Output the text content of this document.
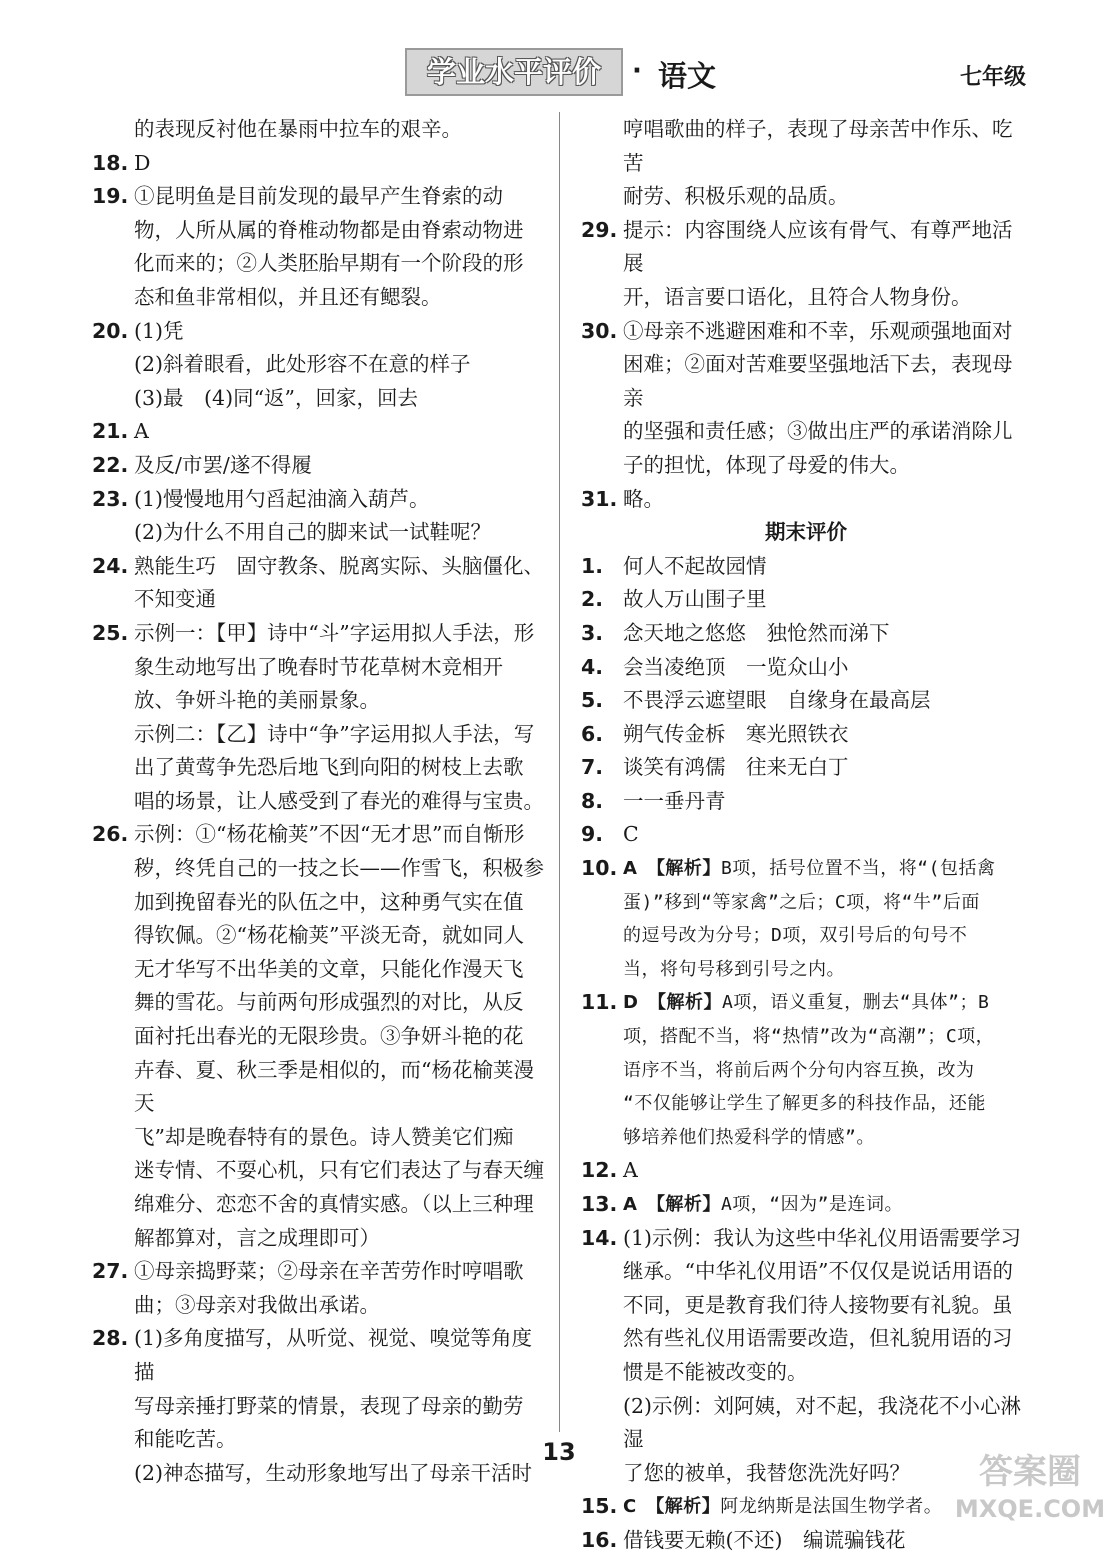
学业水平评价	· 语文	七年级
的表现反衬他在暴雨中拉车的艰辛。
18. D
19. ①昆明鱼是目前发现的最早产生脊索的动
物，人所从属的脊椎动物都是由脊索动物进
化而来的；②人类胚胎早期有一个阶段的形
态和鱼非常相似，并且还有鳃裂。
20. (1)凭
(2)斜着眼看，此处形容不在意的样子
(3)最　(4)同“返”，回家，回去
21. A
22. 及反/市罢/遂不得履
23. (1)慢慢地用勺舀起油滴入葫芦。
(2)为什么不用自己的脚来试一试鞋呢？
24. 熟能生巧　固守教条、脱离实际、头脑僵化、
不知变通
25. 示例一：【甲】诗中“斗”字运用拟人手法，形
象生动地写出了晚春时节花草树木竞相开
放、争妍斗艳的美丽景象。
示例二：【乙】诗中“争”字运用拟人手法，写
出了黄莺争先恐后地飞到向阳的树枝上去歌
唱的场景，让人感受到了春光的难得与宝贵。
26. 示例：①“杨花榆荚”不因“无才思”而自惭形
秽，终凭自己的一技之长——作雪飞，积极参
加到挽留春光的队伍之中，这种勇气实在值
得钦佩。②“杨花榆荚”平淡无奇，就如同人
无才华写不出华美的文章，只能化作漫天飞
舞的雪花。与前两句形成强烈的对比，从反
面衬托出春光的无限珍贵。③争妍斗艳的花
卉春、夏、秋三季是相似的，而“杨花榆荚漫天
飞”却是晚春特有的景色。诗人赞美它们痴
迷专情、不耍心机，只有它们表达了与春天缠
绵难分、恋恋不舍的真情实感。（以上三种理
解都算对，言之成理即可）
27. ①母亲捣野菜；②母亲在辛苦劳作时哼唱歌
曲；③母亲对我做出承诺。
28. (1)多角度描写，从听觉、视觉、嗅觉等角度描
写母亲捶打野菜的情景，表现了母亲的勤劳
和能吃苦。
(2)神态描写，生动形象地写出了母亲干活时
哼唱歌曲的样子，表现了母亲苦中作乐、吃苦
耐劳、积极乐观的品质。
29. 提示：内容围绕人应该有骨气、有尊严地活展
开，语言要口语化，且符合人物身份。
30. ①母亲不逃避困难和不幸，乐观顽强地面对
困难；②面对苦难要坚强地活下去，表现母亲
的坚强和责任感；③做出庄严的承诺消除儿
子的担忧，体现了母爱的伟大。
31. 略。
期末评价
1. 何人不起故园情
2. 故人万山围子里
3. 念天地之悠悠　独怆然而涕下
4. 会当凌绝顶　一览众山小
5. 不畏浮云遮望眼　自缘身在最高层
6. 朔气传金柝　寒光照铁衣
7. 谈笑有鸿儒　往来无白丁
8. 一一垂丹青
9. C
10. A　 【解析】B项，括号位置不当，将“(包括禽
蛋)”移到“等家禽”之后；C项，将“牛”后面
的逗号改为分号；D项，双引号后的句号不
当，将句号移到引号之内。
11. D　 【解析】A项，语义重复，删去“具体”；B
项，搭配不当，将“热情”改为“高潮”；C项，
语序不当，将前后两个分句内容互换，改为
“不仅能够让学生了解更多的科技作品，还能
够培养他们热爱科学的情感”。
12. A
13. A　 【解析】A项，“因为”是连词。
14. (1)示例：我认为这些中华礼仪用语需要学习
继承。“中华礼仪用语”不仅仅是说话用语的
不同，更是教育我们待人接物要有礼貌。虽
然有些礼仪用语需要改造，但礼貌用语的习
惯是不能被改变的。
(2)示例：刘阿姨，对不起，我浇花不小心淋湿
了您的被单，我替您洗洗好吗？
15. C　 【解析】阿龙纳斯是法国生物学者。
16. 借钱要无赖(不还)　编谎骗钱花
13	答案圈
MXQE.COM
